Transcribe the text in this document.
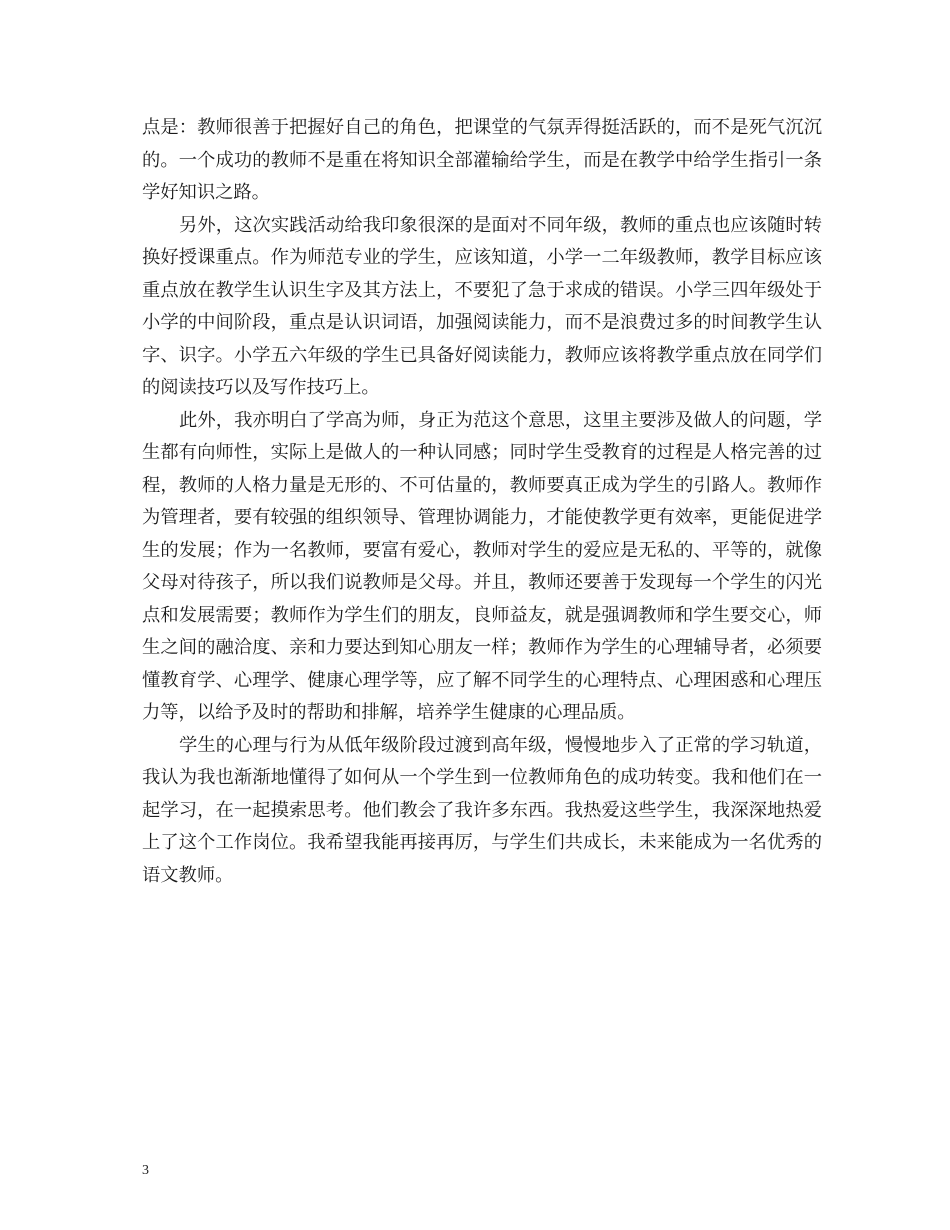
点是：教师很善于把握好自己的角色，把课堂的气氛弄得挺活跃的，而不是死气沉沉的。一个成功的教师不是重在将知识全部灌输给学生，而是在教学中给学生指引一条学好知识之路。

另外，这次实践活动给我印象很深的是面对不同年级，教师的重点也应该随时转换好授课重点。作为师范专业的学生，应该知道，小学一二年级教师，教学目标应该重点放在教学生认识生字及其方法上，不要犯了急于求成的错误。小学三四年级处于小学的中间阶段，重点是认识词语，加强阅读能力，而不是浪费过多的时间教学生认字、识字。小学五六年级的学生已具备好阅读能力，教师应该将教学重点放在同学们的阅读技巧以及写作技巧上。

此外，我亦明白了学高为师，身正为范这个意思，这里主要涉及做人的问题，学生都有向师性，实际上是做人的一种认同感；同时学生受教育的过程是人格完善的过程，教师的人格力量是无形的、不可估量的，教师要真正成为学生的引路人。教师作为管理者，要有较强的组织领导、管理协调能力，才能使教学更有效率，更能促进学生的发展；作为一名教师，要富有爱心，教师对学生的爱应是无私的、平等的，就像父母对待孩子，所以我们说教师是父母。并且，教师还要善于发现每一个学生的闪光点和发展需要；教师作为学生们的朋友，良师益友，就是强调教师和学生要交心，师生之间的融洽度、亲和力要达到知心朋友一样；教师作为学生的心理辅导者，必须要懂教育学、心理学、健康心理学等，应了解不同学生的心理特点、心理困惑和心理压力等，以给予及时的帮助和排解，培养学生健康的心理品质。

学生的心理与行为从低年级阶段过渡到高年级，慢慢地步入了正常的学习轨道，我认为我也渐渐地懂得了如何从一个学生到一位教师角色的成功转变。我和他们在一起学习，在一起摸索思考。他们教会了我许多东西。我热爱这些学生，我深深地热爱上了这个工作岗位。我希望我能再接再厉，与学生们共成长，未来能成为一名优秀的语文教师。

3
